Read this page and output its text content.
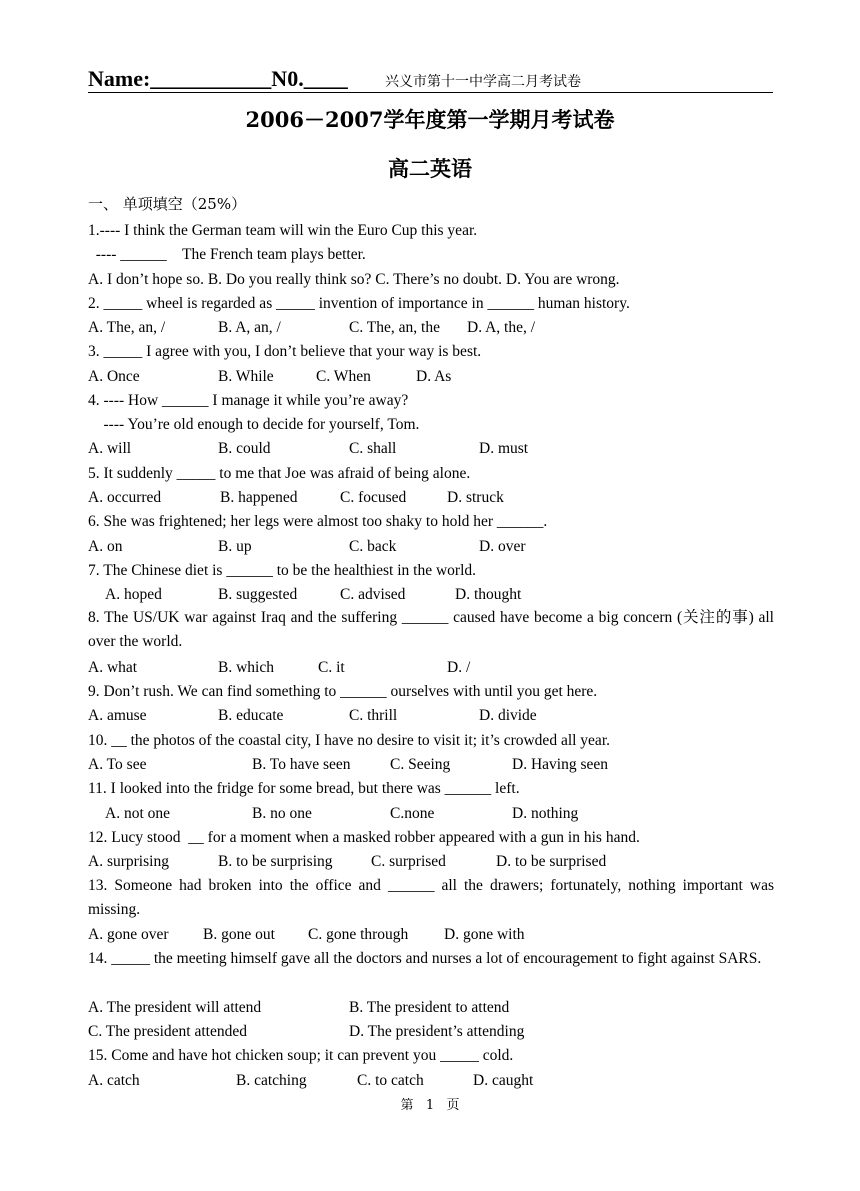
Name:___________N0.____	兴义市第十一中学高二月考试卷
2006－2007学年度第一学期月考试卷
高二英语
一、 单项填空（25%）
1.---- I think the German team will win the Euro Cup this year.
---- ______    The French team plays better.
A. I don’t hope so. B. Do you really think so? C. There’s no doubt. D. You are wrong.
2. _____ wheel is regarded as _____ invention of importance in ______ human history.
A. The, an, /	B. A, an, /	C. The, an, the D. A, the, /
3. _____ I agree with you, I don’t believe that your way is best.
A. Once	B. While	C. When	D. As
4. ---- How ______ I manage it while you’re away?
---- You’re old enough to decide for yourself, Tom.
A. will	B. could	C. shall	D. must
5. It suddenly _____ to me that Joe was afraid of being alone.
A. occurred	B. happened	C. focused	D. struck
6. She was frightened; her legs were almost too shaky to hold her ______.
A. on	B. up	C. back	D. over
7. The Chinese diet is ______ to be the healthiest in the world.
A. hoped	B. suggested	C. advised	D. thought
8. The US/UK war against Iraq and the suffering ______ caused have become a big concern (关注的事) all over the world.
A. what	B. which	C. it	D. /
9. Don’t rush. We can find something to ______ ourselves with until you get here.
A. amuse	B. educate	C. thrill	D. divide
10. __ the photos of the coastal city, I have no desire to visit it; it’s crowded all year.
A. To see	B. To have seen	C. Seeing	D. Having seen
11. I looked into the fridge for some bread, but there was ______ left.
A. not one	B. no one	C.none	D. nothing
12. Lucy stood  __ for a moment when a masked robber appeared with a gun in his hand.
A. surprising	B. to be surprising C. surprised	D. to be surprised
13. Someone had broken into the office and ______ all the drawers; fortunately, nothing important was missing.
A. gone over B. gone out C. gone through D. gone with
14. _____ the meeting himself gave all the doctors and nurses a lot of encouragement to fight against SARS.
A. The president will attend	B. The president to attend
C. The president attended	D. The president’s attending
15. Come and have hot chicken soup; it can prevent you _____ cold.
A. catch	B. catching	C. to catch	D. caught
第   1   页
